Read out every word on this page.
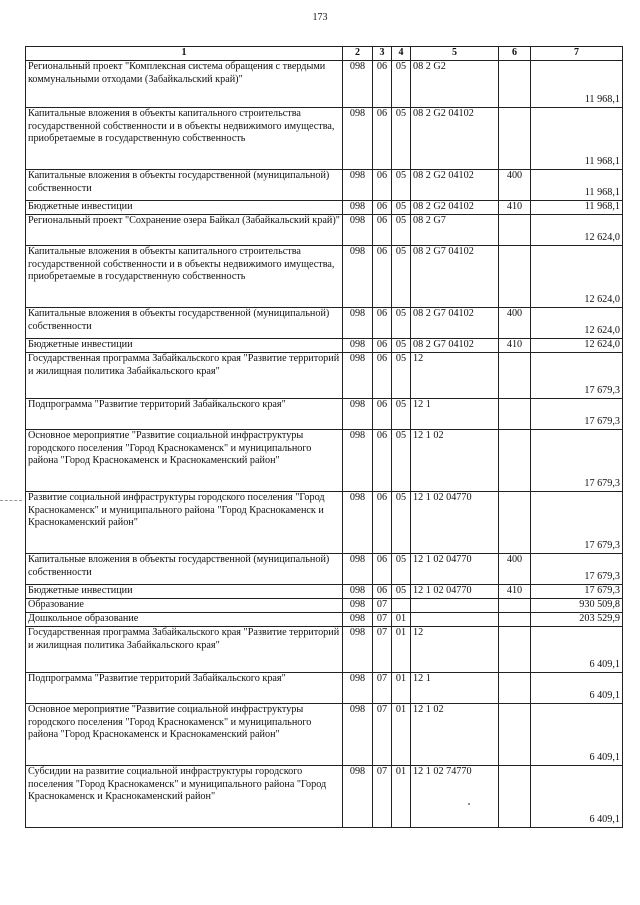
173
1	2	3	4	5	6	7
Региональный проект "Комплексная система обращения с твердыми коммунальными отходами (Забайкальский край)"	098	06	05	08 2 G2		11 968,1
Капитальные вложения в объекты капитального строительства государственной собственности и в объекты недвижимого имущества, приобретаемые в государственную собственность	098	06	05	08 2 G2 04102		11 968,1
Капитальные вложения в объекты государственной (муниципальной) собственности	098	06	05	08 2 G2 04102	400	11 968,1
Бюджетные инвестиции	098	06	05	08 2 G2 04102	410	11 968,1
Региональный проект "Сохранение озера Байкал (Забайкальский край)"	098	06	05	08 2 G7		12 624,0
Капитальные вложения в объекты капитального строительства государственной собственности и в объекты недвижимого имущества, приобретаемые в государственную собственность	098	06	05	08 2 G7 04102		12 624,0
Капитальные вложения в объекты государственной (муниципальной) собственности	098	06	05	08 2 G7 04102	400	12 624,0
Бюджетные инвестиции	098	06	05	08 2 G7 04102	410	12 624,0
Государственная программа Забайкальского края "Развитие территорий и жилищная политика Забайкальского края"	098	06	05	12		17 679,3
Подпрограмма "Развитие территорий Забайкальского края"	098	06	05	12 1		17 679,3
Основное мероприятие "Развитие социальной инфраструктуры городского поселения "Город Краснокаменск" и муниципального района "Город Краснокаменск и Краснокаменский район"	098	06	05	12 1 02		17 679,3
Развитие социальной инфраструктуры городского поселения "Город Краснокаменск" и муниципального района "Город Краснокаменск и Краснокаменский район"	098	06	05	12 1 02 04770		17 679,3
Капитальные вложения в объекты государственной (муниципальной) собственности	098	06	05	12 1 02 04770	400	17 679,3
Бюджетные инвестиции	098	06	05	12 1 02 04770	410	17 679,3
Образование	098	07				930 509,8
Дошкольное образование	098	07	01			203 529,9
Государственная программа Забайкальского края "Развитие территорий и жилищная политика Забайкальского края"	098	07	01	12		6 409,1
Подпрограмма "Развитие территорий Забайкальского края"	098	07	01	12 1		6 409,1
Основное мероприятие "Развитие социальной инфраструктуры городского поселения "Город Краснокаменск" и муниципального района "Город Краснокаменск и Краснокаменский район"	098	07	01	12 1 02		6 409,1
Субсидии на развитие социальной инфраструктуры городского поселения "Город Краснокаменск" и муниципального района "Город Краснокаменск и Краснокаменский район"	098	07	01	12 1 02 74770		6 409,1
